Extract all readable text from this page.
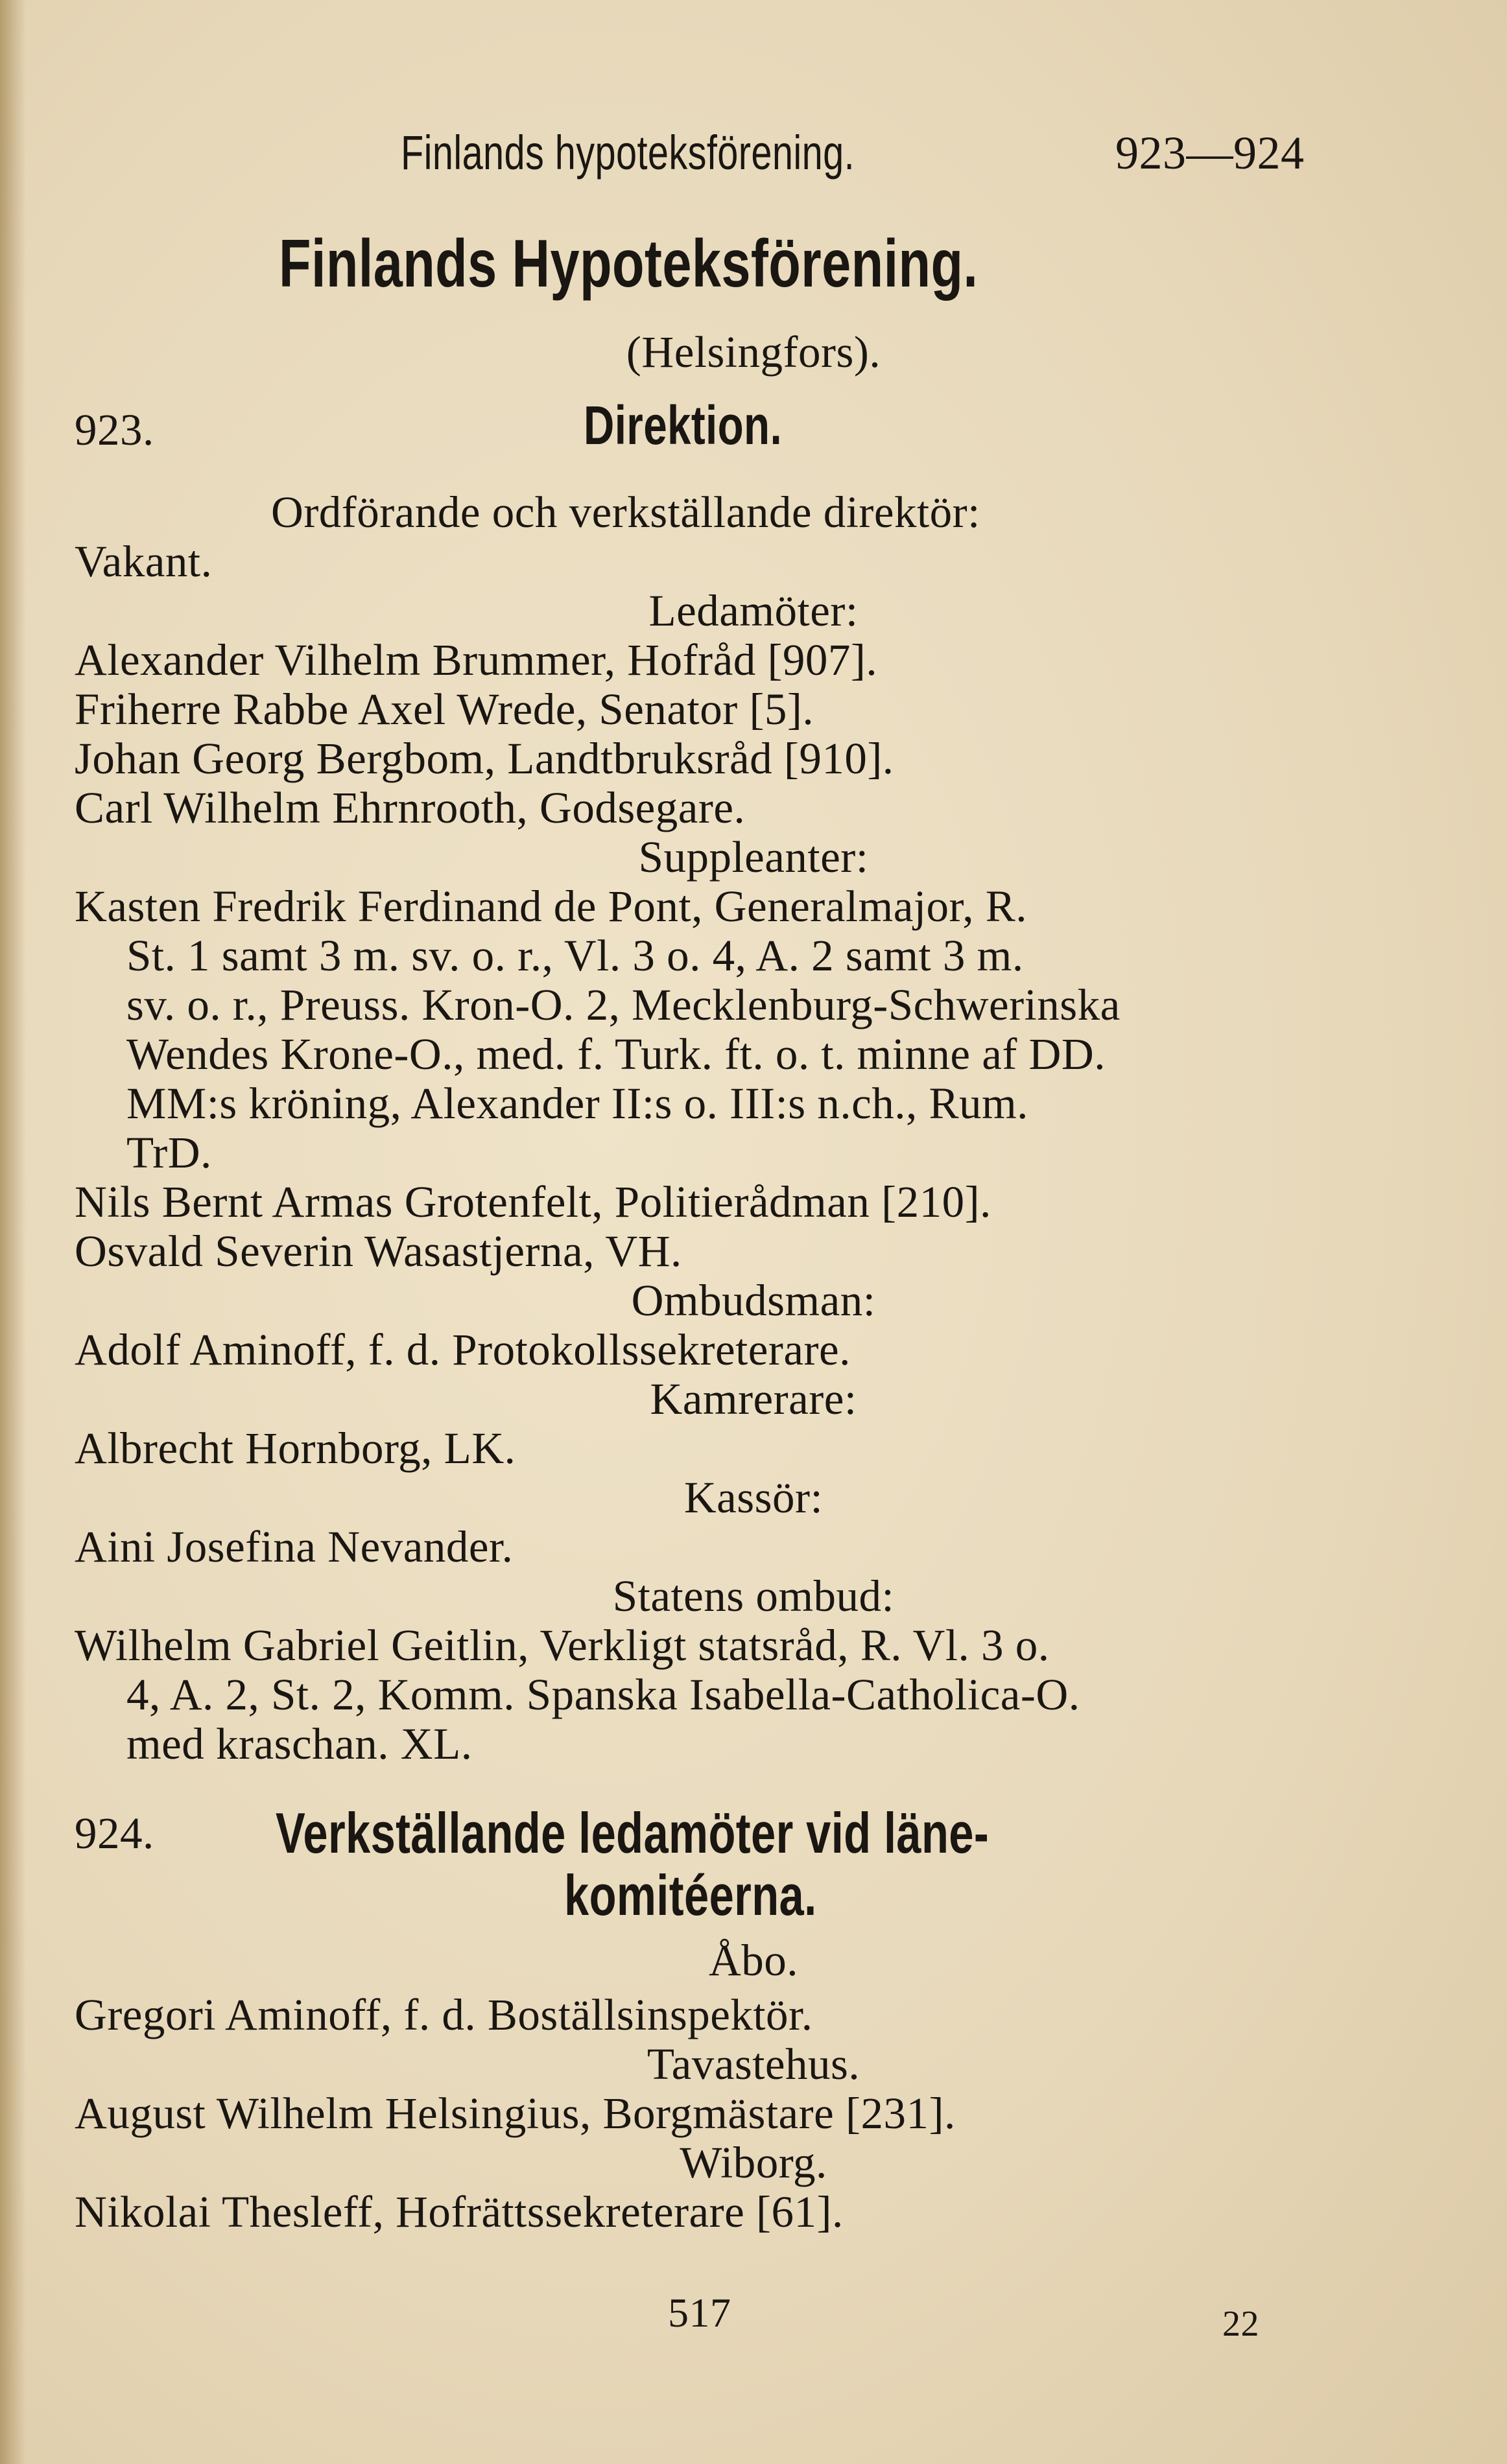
Finlands hypoteksförening.	923—924
Finlands Hypoteksförening.
(Helsingfors).
923.	Direktion.
Ordförande och verkställande direktör:
Vakant.
Ledamöter:
Alexander Vilhelm Brummer, Hofråd [907].
Friherre Rabbe Axel Wrede, Senator [5].
Johan Georg Bergbom, Landtbruksråd [910].
Carl Wilhelm Ehrnrooth, Godsegare.
Suppleanter:
Kasten Fredrik Ferdinand de Pont, Generalmajor, R.
St. 1 samt 3 m. sv. o. r., Vl. 3 o. 4, A. 2 samt 3 m.
sv. o. r., Preuss. Kron-O. 2, Mecklenburg-Schwerinska
Wendes Krone-O., med. f. Turk. ft. o. t. minne af DD.
MM:s kröning, Alexander II:s o. III:s n.ch., Rum.
TrD.
Nils Bernt Armas Grotenfelt, Politierådman [210].
Osvald Severin Wasastjerna, VH.
Ombudsman:
Adolf Aminoff, f. d. Protokollssekreterare.
Kamrerare:
Albrecht Hornborg, LK.
Kassör:
Aini Josefina Nevander.
Statens ombud:
Wilhelm Gabriel Geitlin, Verkligt statsråd, R. Vl. 3 o.
4, A. 2, St. 2, Komm. Spanska Isabella-Catholica-O.
med kraschan. XL.
924. Verkställande ledamöter vid läne-
komitéerna.
Åbo.
Gregori Aminoff, f. d. Boställsinspektör.
Tavastehus.
August Wilhelm Helsingius, Borgmästare [231].
Wiborg.
Nikolai Thesleff, Hofrättssekreterare [61].
517	22
